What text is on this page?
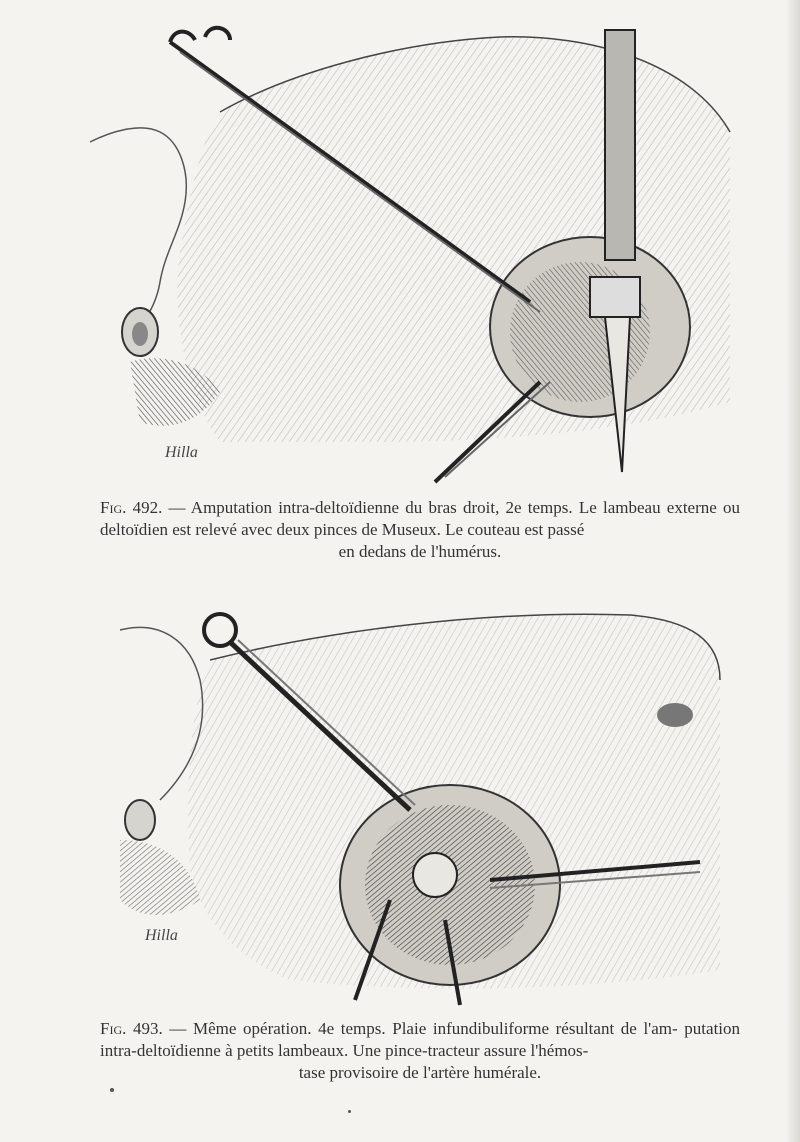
Hilla
Fig. 492. — Amputation intra-deltoïdienne du bras droit, 2e temps. Le lambeau externe ou deltoïdien est relevé avec deux pinces de Museux. Le couteau est passé
en dedans de l'humérus.
Hilla
Fig. 493. — Même opération. 4e temps. Plaie infundibuliforme résultant de l'am- putation intra-deltoïdienne à petits lambeaux. Une pince-tracteur assure l'hémos-
tase provisoire de l'artère humérale.
